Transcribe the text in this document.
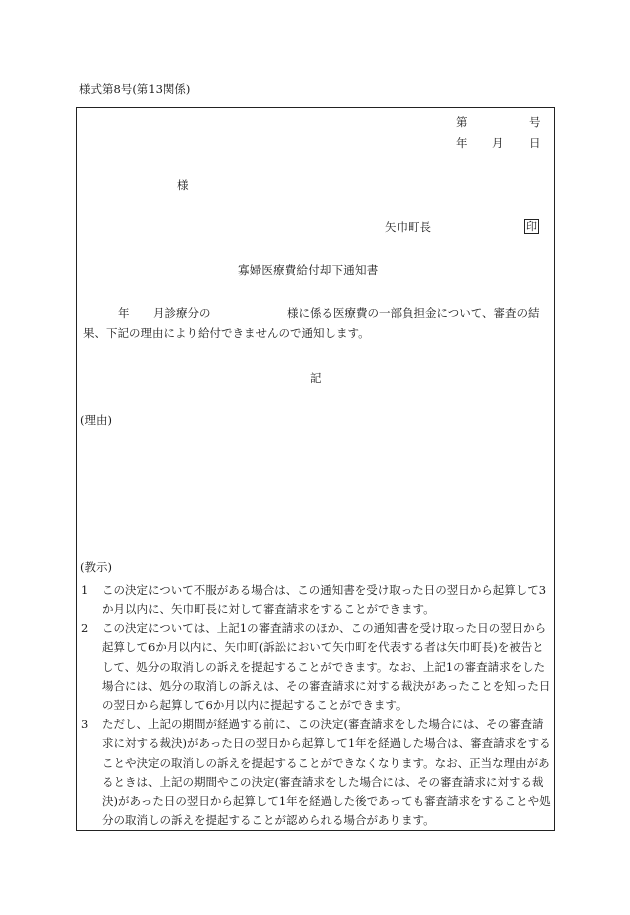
様式第8号(第13関係)
第	号
年 月 日
様
矢巾町長	印
寡婦医療費給付却下通知書
年 月診療分の	様に係る医療費の一部負担金について、審査の結
果、下記の理由により給付できませんので通知します。
記
(理由)
(教示)
1 この決定について不服がある場合は、この通知書を受け取った日の翌日から起算して3か月以内に、矢巾町長に対して審査請求をすることができます。
2 この決定については、上記1の審査請求のほか、この通知書を受け取った日の翌日から起算して6か月以内に、矢巾町(訴訟において矢巾町を代表する者は矢巾町長)を被告として、処分の取消しの訴えを提起することができます。なお、上記1の審査請求をした場合には、処分の取消しの訴えは、その審査請求に対する裁決があったことを知った日の翌日から起算して6か月以内に提起することができます。
3 ただし、上記の期間が経過する前に、この決定(審査請求をした場合には、その審査請求に対する裁決)があった日の翌日から起算して1年を経過した場合は、審査請求をすることや決定の取消しの訴えを提起することができなくなります。なお、正当な理由があるときは、上記の期間やこの決定(審査請求をした場合には、その審査請求に対する裁決)があった日の翌日から起算して1年を経過した後であっても審査請求をすることや処分の取消しの訴えを提起することが認められる場合があります。
